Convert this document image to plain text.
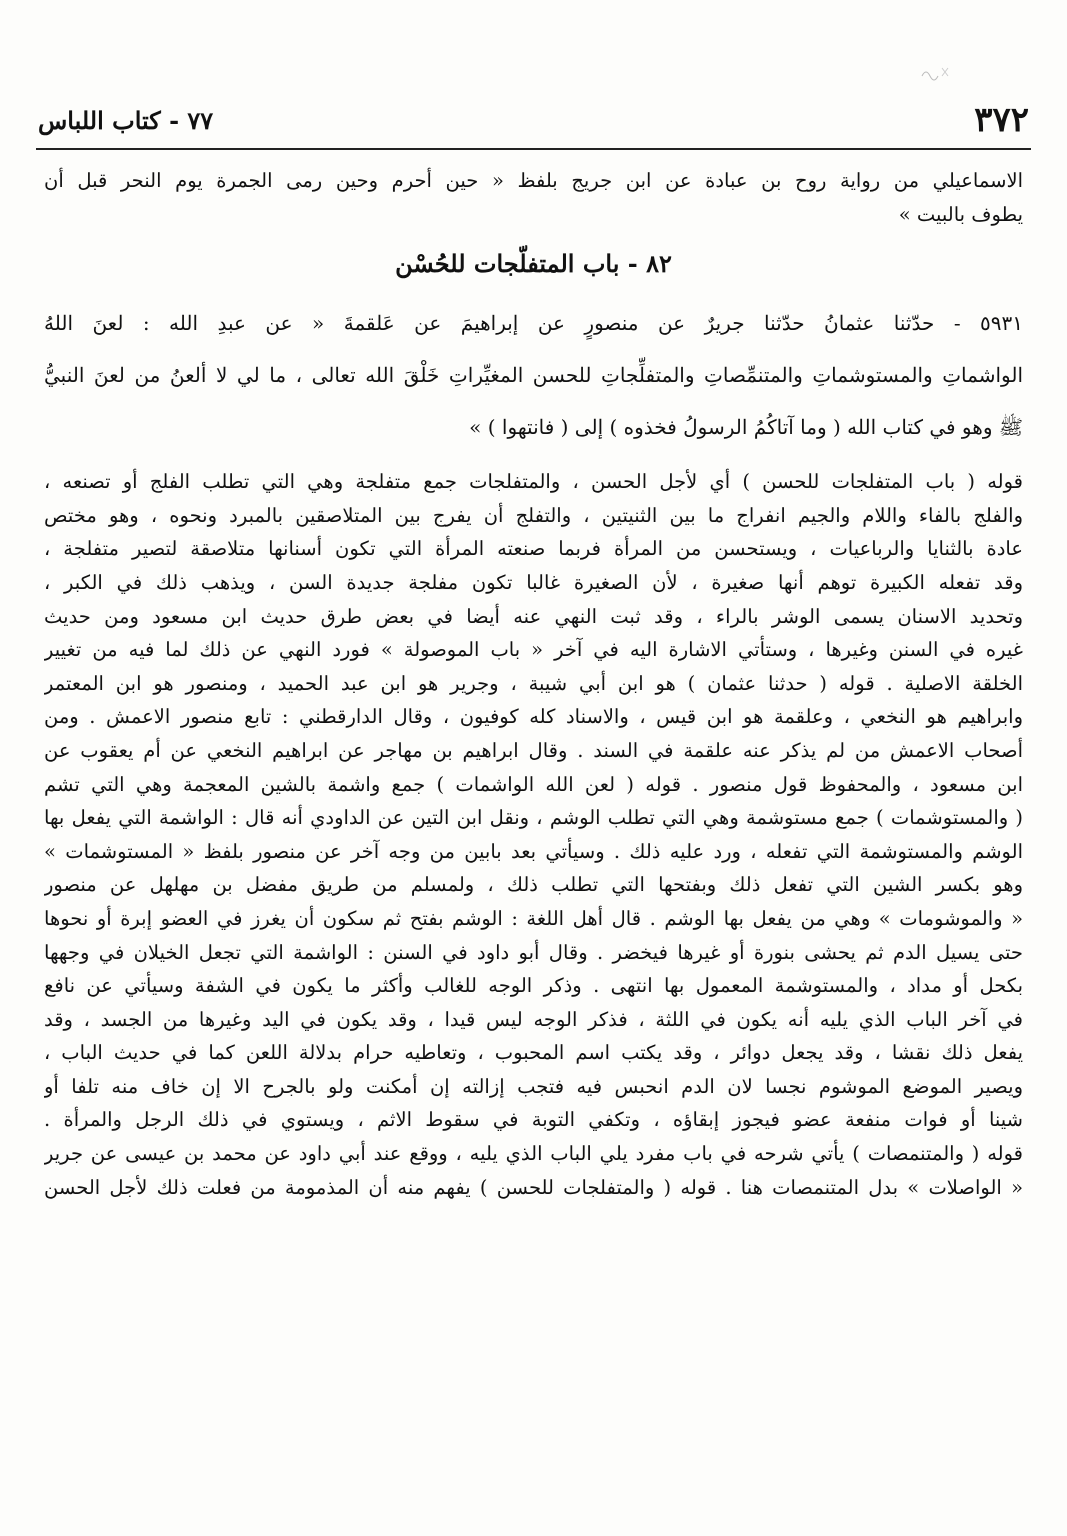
٣٧٢
٧٧ - كتاب اللباس
الاسماعيلي من رواية روح بن عبادة عن ابن جريج بلفظ « حين أحرم وحين رمى الجمرة يوم النحر قبل أن
يطوف بالبيت »
٨٢ - باب المتفلّجات للحُسْن
٥٩٣١ - حدّثنا عثمانُ حدّثنا جريرٌ عن منصورٍ عن إبراهيمَ عن عَلقمةَ « عن عبدِ الله : لعنَ اللهُ
الواشماتِ والمستوشماتِ والمتنمِّصاتِ والمتفلِّجاتِ للحسن المغيِّراتِ خَلْقَ الله تعالى ، ما لي لا ألعنُ من لعنَ النبيُّ
ﷺ وهو في كتاب الله ( وما آتاكُمُ الرسولُ فخذوه ) إلى ( فانتهوا ) »
قوله ( باب المتفلجات للحسن ) أي لأجل الحسن ، والمتفلجات جمع متفلجة وهي التي تطلب الفلج أو تصنعه ،
والفلج بالفاء واللام والجيم انفراج ما بين الثنيتين ، والتفلج أن يفرج بين المتلاصقين بالمبرد ونحوه ، وهو مختص
عادة بالثنايا والرباعيات ، ويستحسن من المرأة فربما صنعته المرأة التي تكون أسنانها متلاصقة لتصير متفلجة ،
وقد تفعله الكبيرة توهم أنها صغيرة ، لأن الصغيرة غالبا تكون مفلجة جديدة السن ، ويذهب ذلك في الكبر ،
وتحديد الاسنان يسمى الوشر بالراء ، وقد ثبت النهي عنه أيضا في بعض طرق حديث ابن مسعود ومن حديث
غيره في السنن وغيرها ، وستأتي الاشارة اليه في آخر « باب الموصولة » فورد النهي عن ذلك لما فيه من تغيير
الخلقة الاصلية . قوله ( حدثنا عثمان ) هو ابن أبي شيبة ، وجرير هو ابن عبد الحميد ، ومنصور هو ابن المعتمر
وابراهيم هو النخعي ، وعلقمة هو ابن قيس ، والاسناد كله كوفيون ، وقال الدارقطني : تابع منصور الاعمش . ومن
أصحاب الاعمش من لم يذكر عنه علقمة في السند . وقال ابراهيم بن مهاجر عن ابراهيم النخعي عن أم يعقوب عن
ابن مسعود ، والمحفوظ قول منصور . قوله ( لعن الله الواشمات ) جمع واشمة بالشين المعجمة وهي التي تشم
( والمستوشمات ) جمع مستوشمة وهي التي تطلب الوشم ، ونقل ابن التين عن الداودي أنه قال : الواشمة التي يفعل بها
الوشم والمستوشمة التي تفعله ، ورد عليه ذلك . وسيأتي بعد بابين من وجه آخر عن منصور بلفظ « المستوشمات »
وهو بكسر الشين التي تفعل ذلك وبفتحها التي تطلب ذلك ، ولمسلم من طريق مفضل بن مهلهل عن منصور
« والموشومات » وهي من يفعل بها الوشم . قال أهل اللغة : الوشم بفتح ثم سكون أن يغرز في العضو إبرة أو نحوها
حتى يسيل الدم ثم يحشى بنورة أو غيرها فيخضر . وقال أبو داود في السنن : الواشمة التي تجعل الخيلان في وجهها
بكحل أو مداد ، والمستوشمة المعمول بها انتهى . وذكر الوجه للغالب وأكثر ما يكون في الشفة وسيأتي عن نافع
في آخر الباب الذي يليه أنه يكون في اللثة ، فذكر الوجه ليس قيدا ، وقد يكون في اليد وغيرها من الجسد ، وقد
يفعل ذلك نقشا ، وقد يجعل دوائر ، وقد يكتب اسم المحبوب ، وتعاطيه حرام بدلالة اللعن كما في حديث الباب ،
ويصير الموضع الموشوم نجسا لان الدم انحبس فيه فتجب إزالته إن أمكنت ولو بالجرح الا إن خاف منه تلفا أو
شينا أو فوات منفعة عضو فيجوز إبقاؤه ، وتكفي التوبة في سقوط الاثم ، ويستوي في ذلك الرجل والمرأة .
قوله ( والمتنمصات ) يأتي شرحه في باب مفرد يلي الباب الذي يليه ، ووقع عند أبي داود عن محمد بن عيسى عن جرير
« الواصلات » بدل المتنمصات هنا . قوله ( والمتفلجات للحسن ) يفهم منه أن المذمومة من فعلت ذلك لأجل الحسن
